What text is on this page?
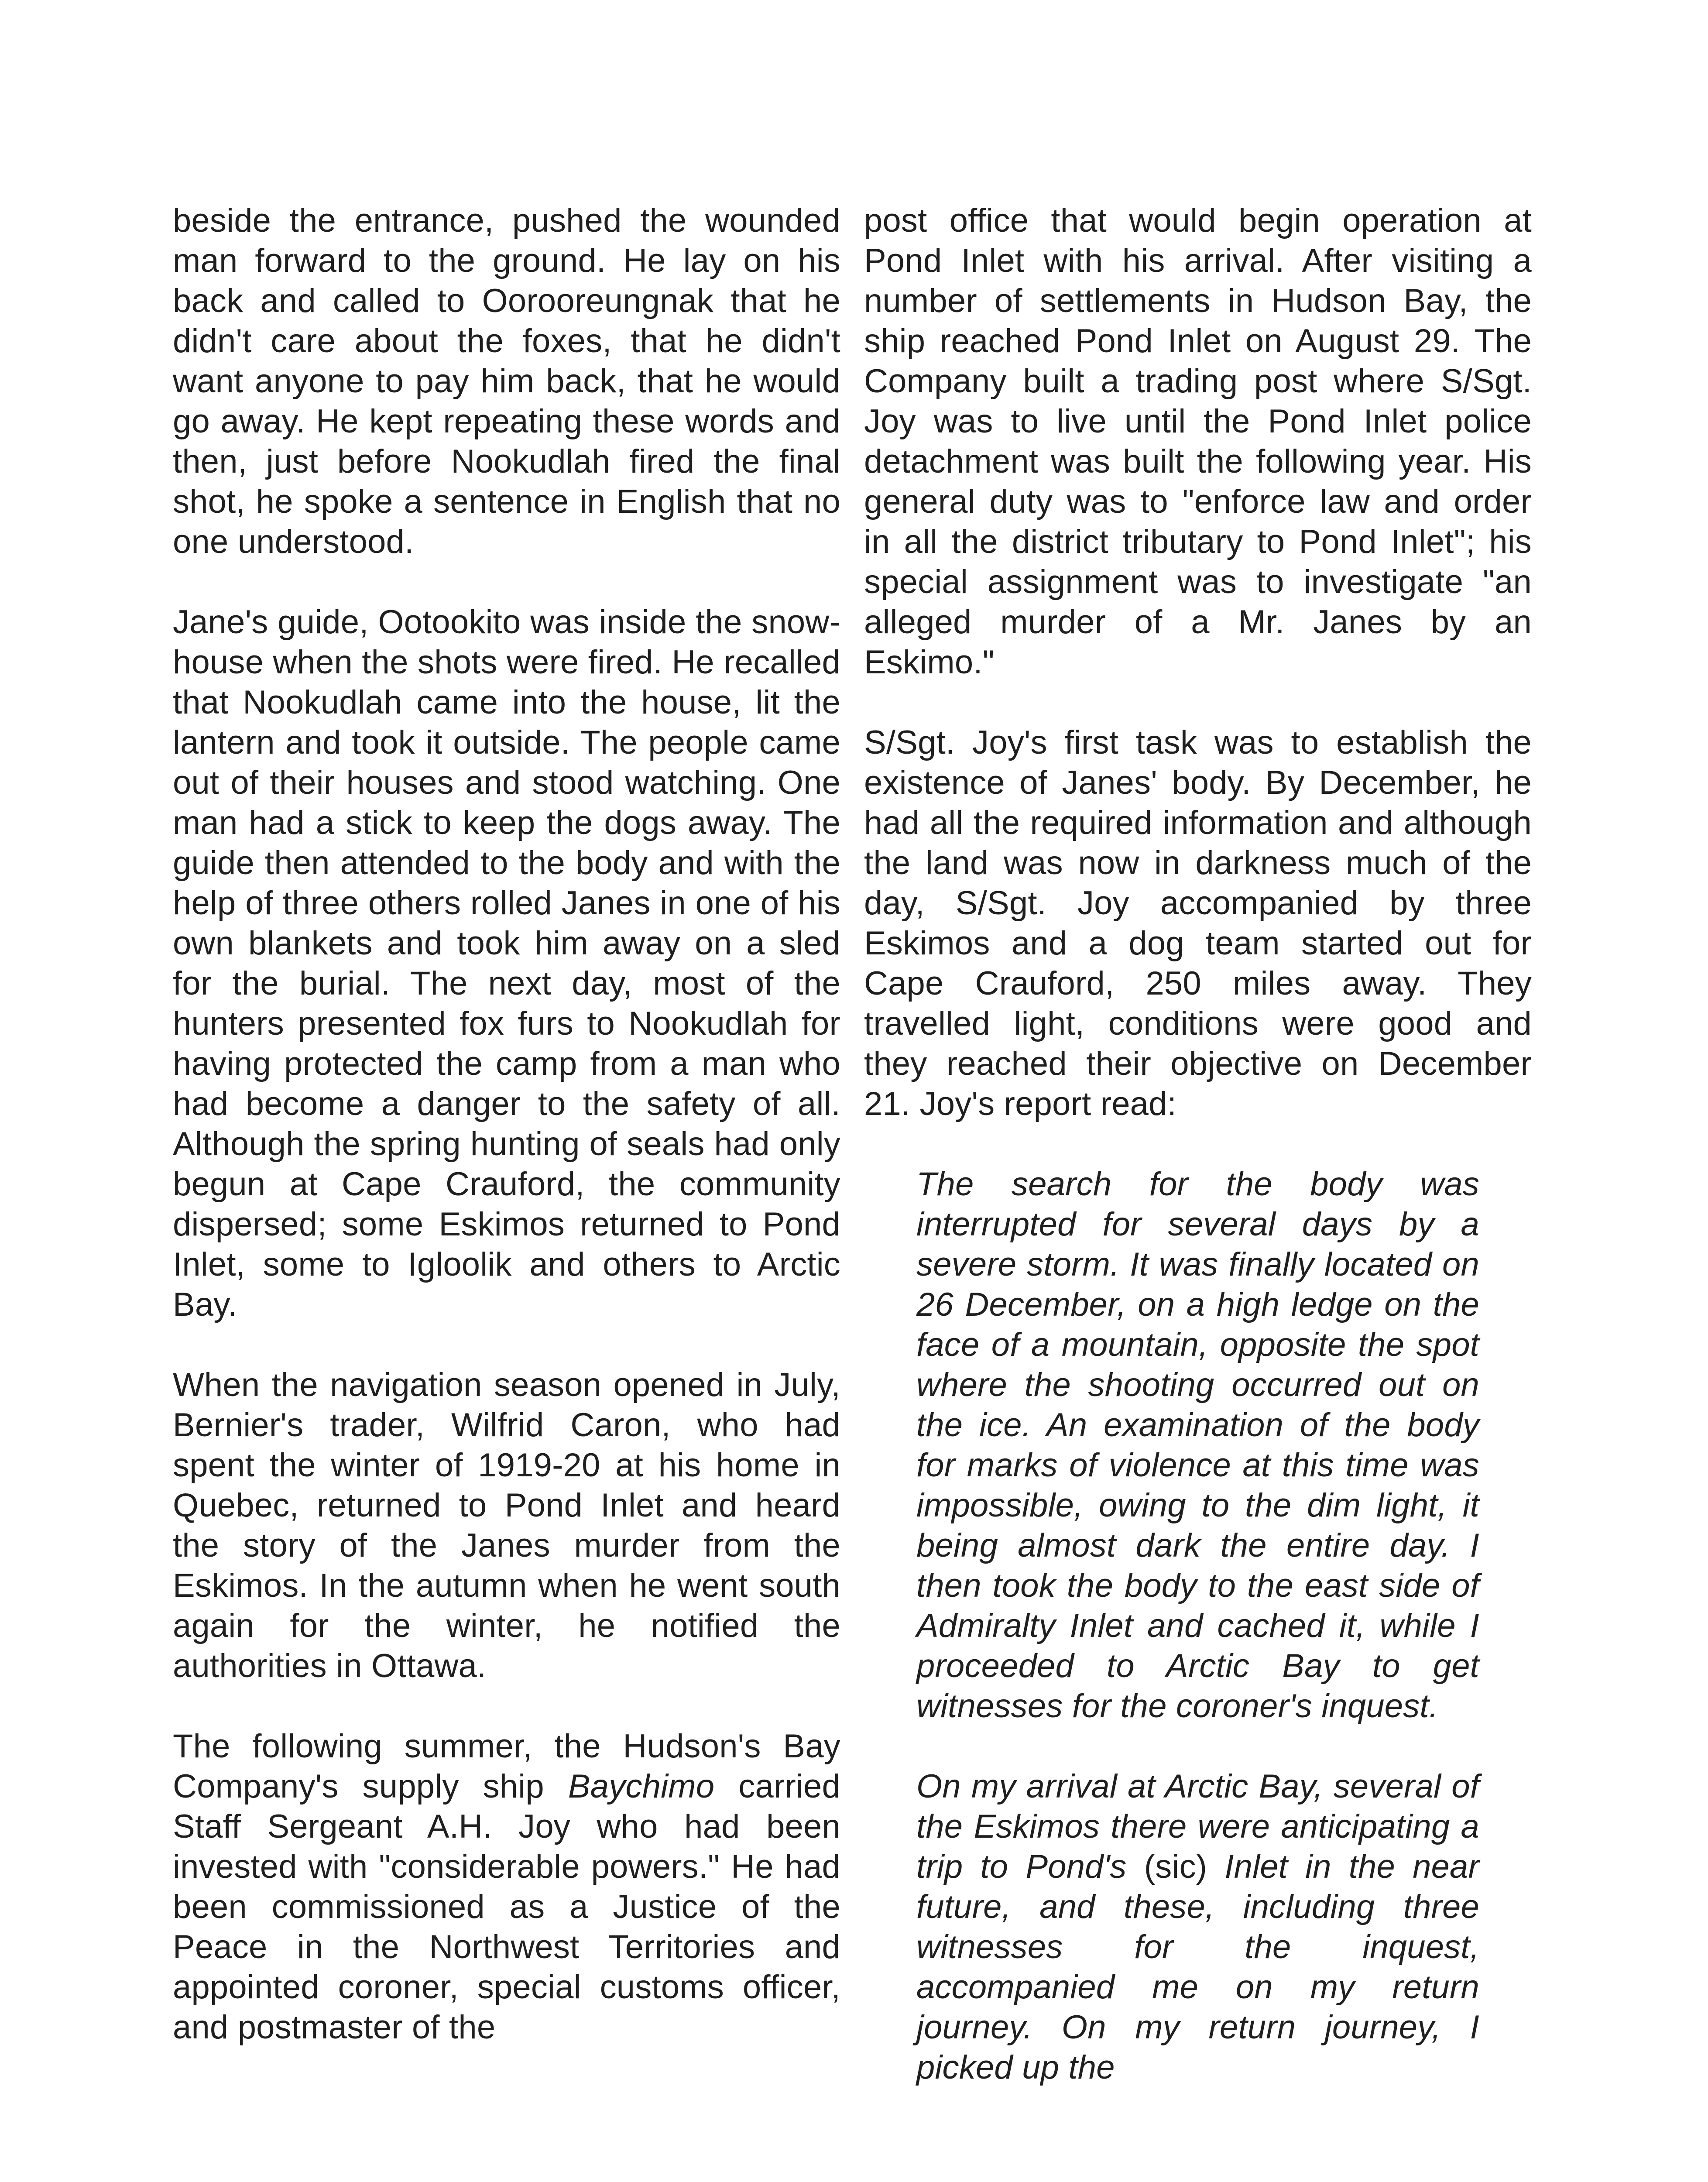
beside the entrance, pushed the wounded man forward to the ground. He lay on his back and called to Oorooreungnak that he didn't care about the foxes, that he didn't want anyone to pay him back, that he would go away. He kept repeating these words and then, just before Nookudlah fired the final shot, he spoke a sentence in English that no one understood.

Jane's guide, Ootookito was inside the snow-house when the shots were fired. He recalled that Nookudlah came into the house, lit the lantern and took it outside. The people came out of their houses and stood watching. One man had a stick to keep the dogs away. The guide then attended to the body and with the help of three others rolled Janes in one of his own blankets and took him away on a sled for the burial. The next day, most of the hunters presented fox furs to Nookudlah for having protected the camp from a man who had become a danger to the safety of all. Although the spring hunting of seals had only begun at Cape Crauford, the community dispersed; some Eskimos returned to Pond Inlet, some to Igloolik and others to Arctic Bay.

When the navigation season opened in July, Bernier's trader, Wilfrid Caron, who had spent the winter of 1919-20 at his home in Quebec, returned to Pond Inlet and heard the story of the Janes murder from the Eskimos. In the autumn when he went south again for the winter, he notified the authorities in Ottawa.

The following summer, the Hudson's Bay Company's supply ship Baychimo carried Staff Sergeant A.H. Joy who had been invested with "considerable powers." He had been commissioned as a Justice of the Peace in the Northwest Territories and appointed coroner, special customs officer, and postmaster of the

post office that would begin operation at Pond Inlet with his arrival. After visiting a number of settlements in Hudson Bay, the ship reached Pond Inlet on August 29. The Company built a trading post where S/Sgt. Joy was to live until the Pond Inlet police detachment was built the following year. His general duty was to "enforce law and order in all the district tributary to Pond Inlet"; his special assignment was to investigate "an alleged murder of a Mr. Janes by an Eskimo."

S/Sgt. Joy's first task was to establish the existence of Janes' body. By December, he had all the required information and although the land was now in darkness much of the day, S/Sgt. Joy accompanied by three Eskimos and a dog team started out for Cape Crauford, 250 miles away. They travelled light, conditions were good and they reached their objective on December 21. Joy's report read:

The search for the body was interrupted for several days by a severe storm. It was finally located on 26 December, on a high ledge on the face of a mountain, opposite the spot where the shooting occurred out on the ice. An examination of the body for marks of violence at this time was impossible, owing to the dim light, it being almost dark the entire day. I then took the body to the east side of Admiralty Inlet and cached it, while I proceeded to Arctic Bay to get witnesses for the coroner's inquest.

On my arrival at Arctic Bay, several of the Eskimos there were anticipating a trip to Pond's (sic) Inlet in the near future, and these, including three witnesses for the inquest, accompanied me on my return journey. On my return journey, I picked up the
